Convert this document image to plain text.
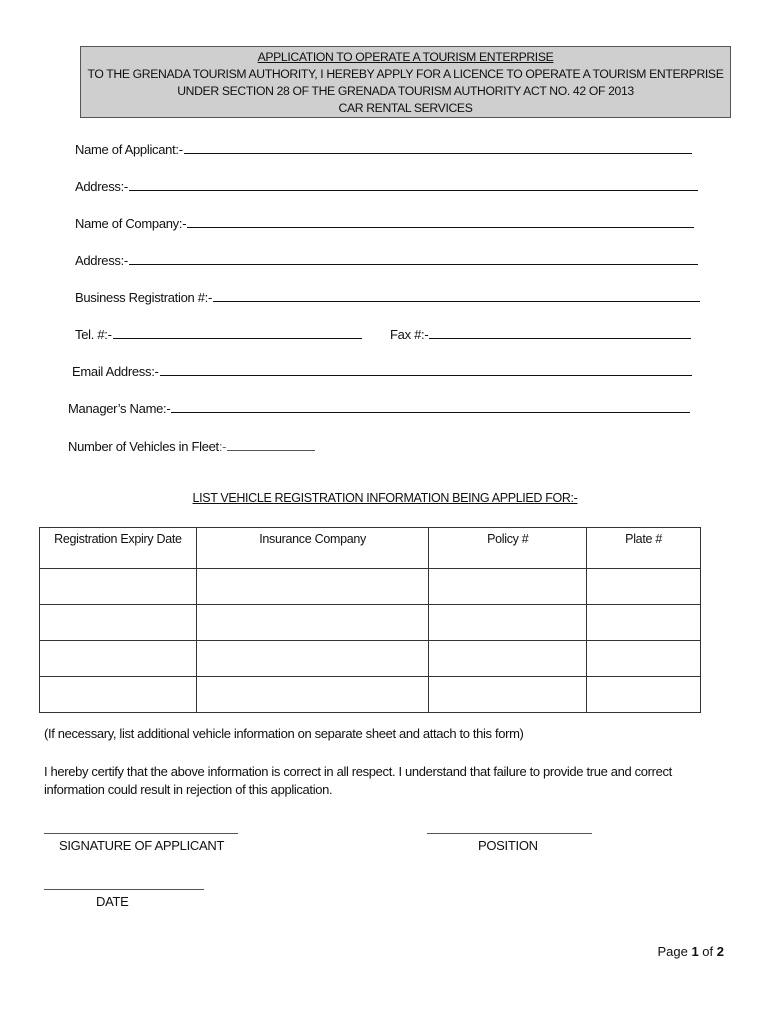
APPLICATION TO OPERATE A TOURISM ENTERPRISE
TO THE GRENADA TOURISM AUTHORITY, I HEREBY APPLY FOR A LICENCE TO OPERATE A TOURISM ENTERPRISE
UNDER SECTION 28 OF THE GRENADA TOURISM AUTHORITY ACT NO. 42 OF 2013
CAR RENTAL SERVICES
Name of Applicant:-
Address:-
Name of Company:-
Address:-
Business Registration #:-
Tel. #:-	Fax #:-
Email Address:-
Manager’s Name:-
Number of Vehicles in Fleet :-
LIST VEHICLE REGISTRATION INFORMATION BEING APPLIED FOR:-
Registration Expiry Date	Insurance Company	Policy #	Plate #

(If necessary, list additional vehicle information on separate sheet and attach to this form)
I hereby certify that the above information is correct in all respect. I understand that failure to provide true and correct
information could result in rejection of this application.
SIGNATURE OF APPLICANT	POSITION
DATE
Page 1 of 2
